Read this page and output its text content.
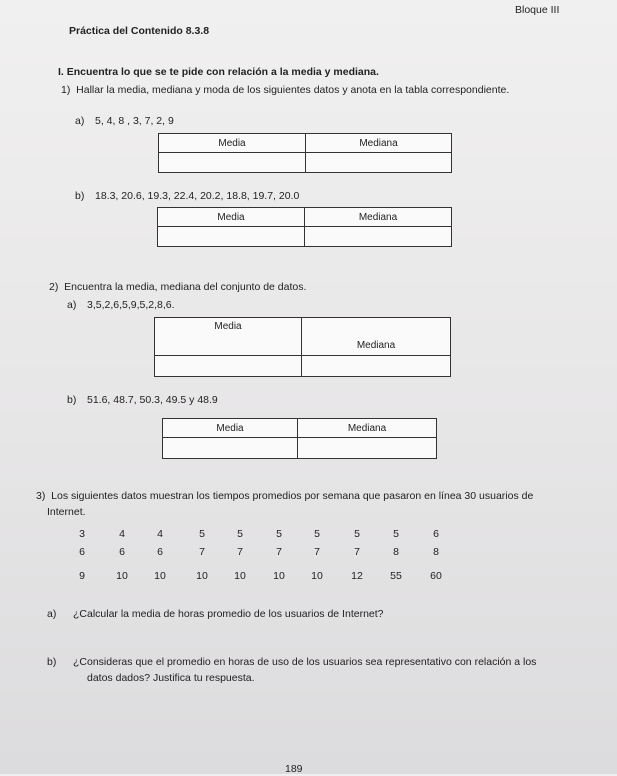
Bloque III
Práctica del Contenido 8.3.8
I. Encuentra lo que se te pide con relación a la media y mediana.
1)  Hallar la media, mediana y moda de los siguientes datos y anota en la tabla correspondiente.
a) 5, 4, 8 , 3, 7, 2, 9
Media	Mediana

b) 18.3, 20.6, 19.3, 22.4, 20.2, 18.8, 19.7, 20.0
Media	Mediana

2)  Encuentra la media, mediana del conjunto de datos.
a) 3,5,2,6,5,9,5,2,8,6.
Media	Mediana

b) 51.6, 48.7, 50.3, 49.5 y 48.9
Media	Mediana

3)  Los siguientes datos muestran los tiempos promedios por semana que pasaron en línea 30 usuarios de
Internet.
3	4	4	5	5	5	5	5	5	6
6	6	6	7	7	7	7	7	8	8
9	10	10	10	10	10	10	12	55	60
a) ¿Calcular la media de horas promedio de los usuarios de Internet?
b) ¿Consideras que el promedio en horas de uso de los usuarios sea representativo con relación a los
datos dados? Justifica tu respuesta.
189
